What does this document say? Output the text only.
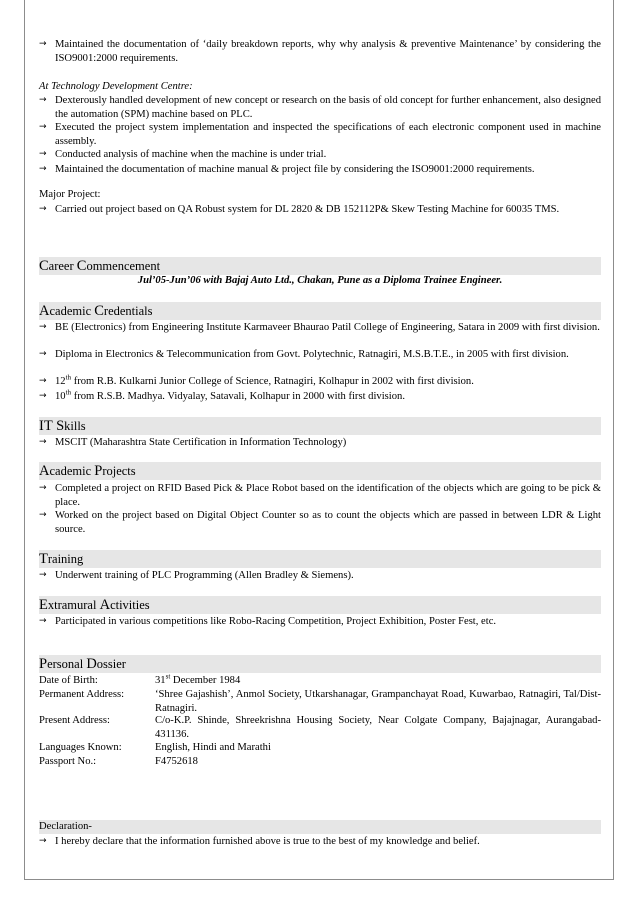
→ Maintained the documentation of ‘daily breakdown reports, why why analysis & preventive Maintenance’ by considering the ISO9001:2000 requirements.
At Technology Development Centre:
→ Dexterously handled development of new concept or research on the basis of old concept for further enhancement, also designed the automation (SPM) machine based on PLC.
→ Executed the project system implementation and inspected the specifications of each electronic component used in machine assembly.
→ Conducted analysis of machine when the machine is under trial.
→ Maintained the documentation of machine manual & project file by considering the ISO9001:2000 requirements.
Major Project:
→ Carried out project based on QA Robust system for DL 2820 & DB 152112P& Skew Testing Machine for 60035 TMS.
Career Commencement
Jul’05-Jun’06 with Bajaj Auto Ltd., Chakan, Pune as a Diploma Trainee Engineer.
Academic Credentials
→ BE (Electronics) from Engineering Institute Karmaveer Bhaurao Patil College of Engineering, Satara in 2009 with first division.
→ Diploma in Electronics & Telecommunication from Govt. Polytechnic, Ratnagiri, M.S.B.T.E., in 2005 with first division.
→ 12th from R.B. Kulkarni Junior College of Science, Ratnagiri, Kolhapur in 2002 with first division.
→ 10th from R.S.B. Madhya. Vidyalay, Satavali, Kolhapur in 2000 with first division.
IT Skills
→ MSCIT (Maharashtra State Certification in Information Technology)
Academic Projects
→ Completed a project on RFID Based Pick & Place Robot based on the identification of the objects which are going to be pick & place.
→ Worked on the project based on Digital Object Counter so as to count the objects which are passed in between LDR & Light source.
Training
→ Underwent training of PLC Programming (Allen Bradley & Siemens).
Extramural Activities
→ Participated in various competitions like Robo-Racing Competition, Project Exhibition, Poster Fest, etc.
Personal Dossier
Date of Birth:	31st December 1984
Permanent Address:	‘Shree Gajashish’, Anmol Society, Utkarshanagar, Grampanchayat Road, Kuwarbao, Ratnagiri, Tal/Dist-Ratnagiri.
Present Address:	C/o-K.P. Shinde, Shreekrishna Housing Society, Near Colgate Company, Bajajnagar, Aurangabad- 431136.
Languages Known:	English, Hindi and Marathi
Passport No.:	F4752618
Declaration-
→ I hereby declare that the information furnished above is true to the best of my knowledge and belief.
